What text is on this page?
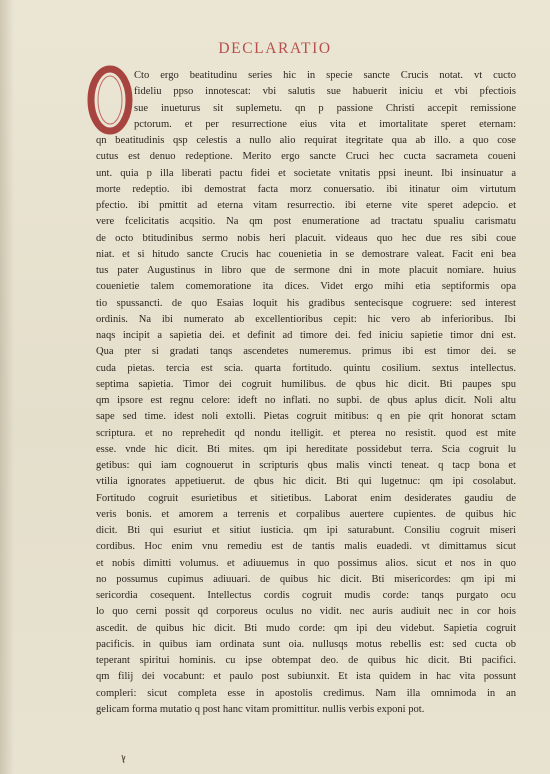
DECLARATIO
Cto ergo beatitudinu series hic in specie sancte Crucis notat. vt cucto
fideliu ppso innotescat: vbi salutis sue habuerit iniciu et vbi pfectiois
sue inueturus sit suplemetu. qn p passione Christi accepit remissione
pctorum. et per resurrectione eius vita et imortalitate speret eternam:
qn beatitudinis qsp celestis a nullo alio requirat itegritate qua ab illo. a quo cose
cutus est denuo redeptione. Merito ergo sancte Cruci hec cucta sacrameta coueni
unt. quia p illa liberati pactu fidei et societate vnitatis ppsi ineunt. Ibi insinuatur a
morte redeptio. ibi demostrat facta morz conuersatio. ibi itinatur oim virtutum
pfectio. ibi pmittit ad eterna vitam resurrectio. ibi eterne vite speret adepcio. et
vere fcelicitatis acqsitio. Na qm post enumeratione ad tractatu spualiu carismatu
de octo btitudinibus sermo nobis heri placuit. videaus quo hec due res sibi coue
niat. et si hitudo sancte Crucis hac couenietia in se demostrare valeat. Facit eni bea
tus pater Augustinus in libro que de sermone dni in mote placuit nomiare. huius
couenietie talem comemoratione ita dices. Videt ergo mihi etia septiformis opa
tio spussancti. de quo Esaias loquit his gradibus sentecisque cogruere: sed interest
ordinis. Na ibi numerato ab excellentioribus cepit: hic vero ab inferioribus. Ibi
naqs incipit a sapietia dei. et definit ad timore dei. fed iniciu sapietie timor dni est.
Qua pter si gradati tanqs ascendetes numeremus. primus ibi est timor dei. se
cuda pietas. tercia est scia. quarta fortitudo. quintu cosilium. sextus intellectus.
septima sapietia. Timor dei cogruit humilibus. de qbus hic dicit. Bti paupes spu
qm ipsore est regnu celore: ideft no inflati. no supbi. de qbus aplus dicit. Noli altu
sape sed time. idest noli extolli. Pietas cogruit mitibus: q en pie qrit honorat sctam
scriptura. et no reprehedit qd nondu itelligit. et pterea no resistit. quod est mite
esse. vnde hic dicit. Bti mites. qm ipi hereditate possidebut terra. Scia cogruit lu
getibus: qui iam cognouerut in scripturis qbus malis vincti teneat. q tacp bona et
vtilia ignorates appetiuerut. de qbus hic dicit. Bti qui lugetnuc: qm ipi cosolabut.
Fortitudo cogruit esurietibus et sitietibus. Laborat enim desiderates gaudiu de
veris bonis. et amorem a terrenis et corpalibus auertere cupientes. de quibus hic
dicit. Bti qui esuriut et sitiut iusticia. qm ipi saturabunt. Consiliu cogruit miseri
cordibus. Hoc enim vnu remediu est de tantis malis euadedi. vt dimittamus sicut
et nobis dimitti volumus. et adiuuemus in quo possimus alios. sicut et nos in quo
no possumus cupimus adiuuari. de quibus hic dicit. Bti misericordes: qm ipi mi
sericordia cosequent. Intellectus cordis cogruit mudis corde: tanqs purgato ocu
lo quo cerni possit qd corporeus oculus no vidit. nec auris audiuit nec in cor hois
ascedit. de quibus hic dicit. Bti mudo corde: qm ipi deu videbut. Sapietia cogruit
pacificis. in quibus iam ordinata sunt oia. nullusqs motus rebellis est: sed cucta ob
teperant spiritui hominis. cu ipse obtempat deo. de quibus hic dicit. Bti pacifici.
qm filij dei vocabunt: et paulo post subiunxit. Et ista quidem in hac vita possunt
compleri: sicut completa esse in apostolis credimus. Nam illa omnimoda in an
gelicam forma mutatio q post hanc vitam promittitur. nullis verbis exponi pot.
